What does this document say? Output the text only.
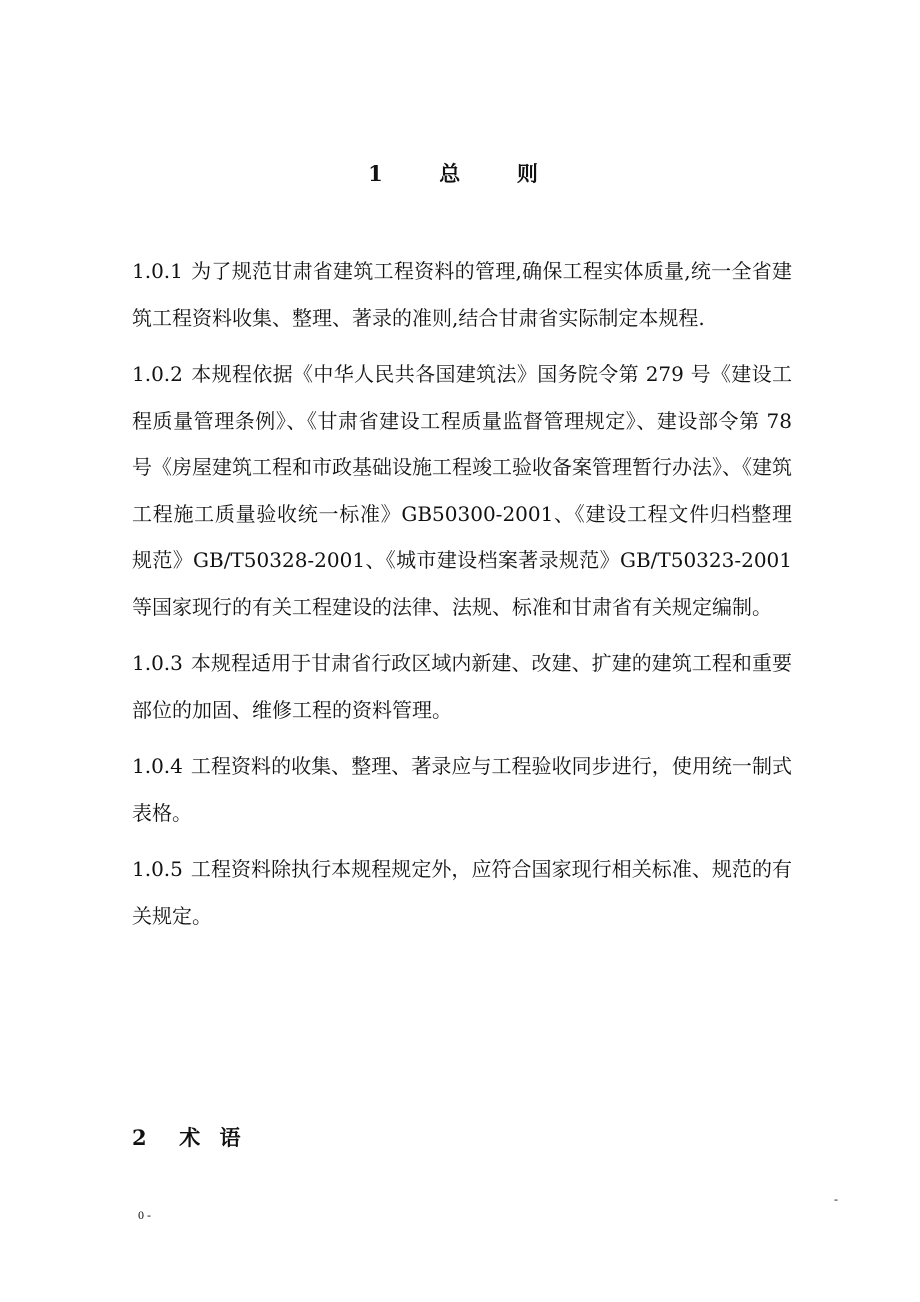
1  总  则

1.0.1 为了规范甘肃省建筑工程资料的管理,确保工程实体质量,统一全省建筑工程资料收集、整理、著录的准则,结合甘肃省实际制定本规程.

1.0.2 本规程依据《中华人民共各国建筑法》国务院令第 279 号《建设工程质量管理条例》、《甘肃省建设工程质量监督管理规定》、建设部令第 78 号《房屋建筑工程和市政基础设施工程竣工验收备案管理暂行办法》、《建筑工程施工质量验收统一标准》GB50300-2001、《建设工程文件归档整理规范》GB/T50328-2001、《城市建设档案著录规范》GB/T50323-2001 等国家现行的有关工程建设的法律、法规、标准和甘肃省有关规定编制。

1.0.3 本规程适用于甘肃省行政区域内新建、改建、扩建的建筑工程和重要部位的加固、维修工程的资料管理。

1.0.4 工程资料的收集、整理、著录应与工程验收同步进行，使用统一制式表格。

1.0.5 工程资料除执行本规程规定外，应符合国家现行相关标准、规范的有关规定。

2  术 语
-
0 -
